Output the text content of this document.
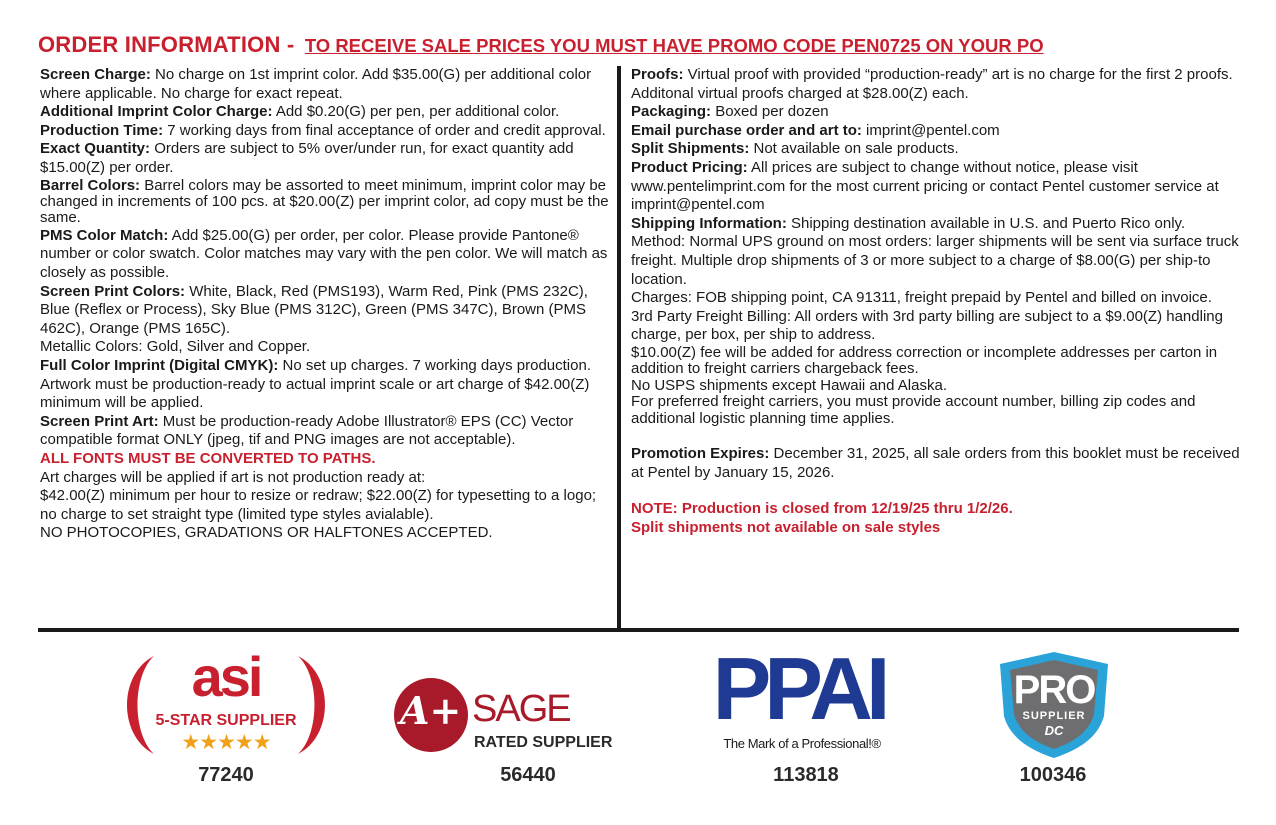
ORDER INFORMATION - TO RECEIVE SALE PRICES YOU MUST HAVE PROMO CODE PEN0725 ON YOUR PO

Screen Charge: No charge on 1st imprint color. Add $35.00(G) per additional color where applicable. No charge for exact repeat.

Additional Imprint Color Charge: Add $0.20(G) per pen, per additional color.

Production Time: 7 working days from final acceptance of order and credit approval.

Exact Quantity: Orders are subject to 5% over/under run, for exact quantity add $15.00(Z) per order.

Barrel Colors: Barrel colors may be assorted to meet minimum, imprint color may be changed in increments of 100 pcs. at $20.00(Z) per imprint color, ad copy must be the same.

PMS Color Match: Add $25.00(G) per order, per color. Please provide Pantone® number or color swatch. Color matches may vary with the pen color. We will match as closely as possible.

Screen Print Colors: White, Black, Red (PMS193), Warm Red, Pink (PMS 232C), Blue (Reflex or Process), Sky Blue (PMS 312C), Green (PMS 347C), Brown (PMS 462C), Orange (PMS 165C).

Metallic Colors: Gold, Silver and Copper.

Full Color Imprint (Digital CMYK): No set up charges. 7 working days production. Artwork must be production-ready to actual imprint scale or art charge of $42.00(Z) minimum will be applied.

Screen Print Art: Must be production-ready Adobe Illustrator® EPS (CC) Vector compatible format ONLY (jpeg, tif and PNG images are not acceptable).

ALL FONTS MUST BE CONVERTED TO PATHS.

Art charges will be applied if art is not production ready at:

$42.00(Z) minimum per hour to resize or redraw; $22.00(Z) for typesetting to a logo; no charge to set straight type (limited type styles avialable).

NO PHOTOCOPIES, GRADATIONS OR HALFTONES ACCEPTED.

Proofs: Virtual proof with provided “production-ready” art is no charge for the first 2 proofs. Additonal virtual proofs charged at $28.00(Z) each.

Packaging: Boxed per dozen

Email purchase order and art to: imprint@pentel.com

Split Shipments: Not available on sale products.

Product Pricing: All prices are subject to change without notice, please visit www.pentelimprint.com for the most current pricing or contact Pentel customer service at imprint@pentel.com

Shipping Information: Shipping destination available in U.S. and Puerto Rico only.

Method: Normal UPS ground on most orders: larger shipments will be sent via surface truck freight. Multiple drop shipments of 3 or more subject to a charge of $8.00(G) per ship-to location.

Charges: FOB shipping point, CA 91311, freight prepaid by Pentel and billed on invoice.

3rd Party Freight Billing: All orders with 3rd party billing are subject to a $9.00(Z) handling charge, per box, per ship to address.

$10.00(Z) fee will be added for address correction or incomplete addresses per carton in addition to freight carriers chargeback fees.

No USPS shipments except Hawaii and Alaska.

For preferred freight carriers, you must provide account number, billing zip codes and additional logistic planning time applies.

Promotion Expires: December 31, 2025, all sale orders from this booklet must be received at Pentel by January 15, 2026.

NOTE: Production is closed from 12/19/25 thru 1/2/26.

Split shipments not available on sale styles

asi
5-STAR SUPPLIER
★★★★★
77240
A+ SAGE
RATED SUPPLIER
56440
PPAI
The Mark of a Professional!®
113818
PRO
SUPPLIER
DC
100346
